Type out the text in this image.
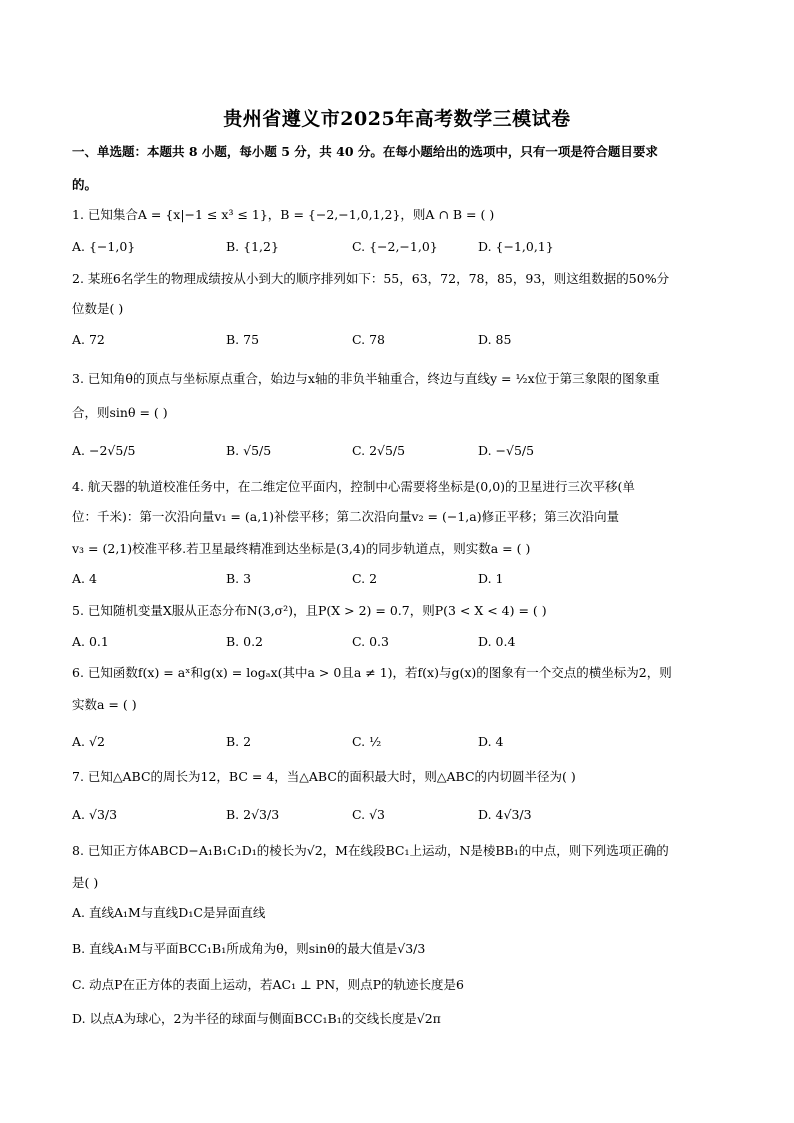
贵州省遵义市2025年高考数学三模试卷
一、单选题：本题共 8 小题，每小题 5 分，共 40 分。在每小题给出的选项中，只有一项是符合题目要求
的。
1. 已知集合A = {x|−1 ≤ x³ ≤ 1}，B = {−2,−1,0,1,2}，则A ∩ B = ( )
A. {−1,0}	B. {1,2}	C. {−2,−1,0}	D. {−1,0,1}
2. 某班6名学生的物理成绩按从小到大的顺序排列如下：55，63，72，78，85，93，则这组数据的50%分
位数是( )
A. 72	B. 75	C. 78	D. 85
3. 已知角θ的顶点与坐标原点重合，始边与x轴的非负半轴重合，终边与直线y = ½x位于第三象限的图象重
合，则sinθ = ( )
A. −2√5/5	B. √5/5	C. 2√5/5	D. −√5/5
4. 航天器的轨道校准任务中，在二维定位平面内，控制中心需要将坐标是(0,0)的卫星进行三次平移(单
位：千米)：第一次沿向量v₁ = (a,1)补偿平移；第二次沿向量v₂ = (−1,a)修正平移；第三次沿向量
v₃ = (2,1)校准平移.若卫星最终精准到达坐标是(3,4)的同步轨道点，则实数a = ( )
A. 4	B. 3	C. 2	D. 1
5. 已知随机变量X服从正态分布N(3,σ²)，且P(X > 2) = 0.7，则P(3 < X < 4) = ( )
A. 0.1	B. 0.2	C. 0.3	D. 0.4
6. 已知函数f(x) = aˣ和g(x) = logₐx(其中a > 0且a ≠ 1)，若f(x)与g(x)的图象有一个交点的横坐标为2，则
实数a = ( )
A. √2	B. 2	C. ½	D. 4
7. 已知△ABC的周长为12，BC = 4，当△ABC的面积最大时，则△ABC的内切圆半径为( )
A. √3/3	B. 2√3/3	C. √3	D. 4√3/3
8. 已知正方体ABCD−A₁B₁C₁D₁的棱长为√2，M在线段BC₁上运动，N是棱BB₁的中点，则下列选项正确的
是( )
A. 直线A₁M与直线D₁C是异面直线
B. 直线A₁M与平面BCC₁B₁所成角为θ，则sinθ的最大值是√3/3
C. 动点P在正方体的表面上运动，若AC₁ ⊥ PN，则点P的轨迹长度是6
D. 以点A为球心，2为半径的球面与侧面BCC₁B₁的交线长度是√2π
